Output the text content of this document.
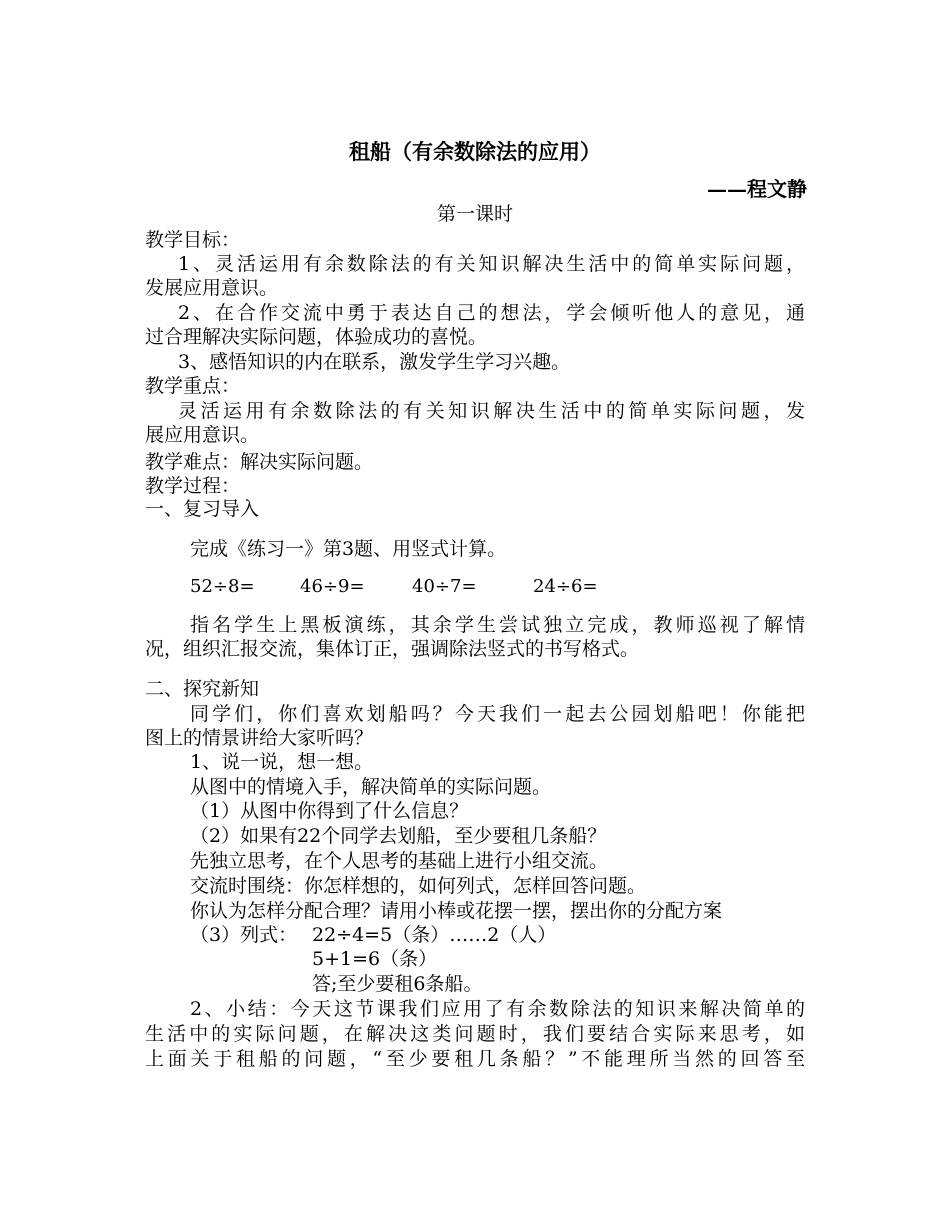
租船（有余数除法的应用）
——程文静
第一课时
教学目标：
1、灵活运用有余数除法的有关知识解决生活中的简单实际问题，
发展应用意识。
2、在合作交流中勇于表达自己的想法，学会倾听他人的意见，通
过合理解决实际问题，体验成功的喜悦。
3、感悟知识的内在联系，激发学生学习兴趣。
教学重点：
灵活运用有余数除法的有关知识解决生活中的简单实际问题，发
展应用意识。
教学难点：解决实际问题。
教学过程：
一、复习导入
完成《练习一》第3题、用竖式计算。
52÷8=	46÷9=	40÷7=	24÷6=
指名学生上黑板演练，其余学生尝试独立完成，教师巡视了解情
况，组织汇报交流，集体订正，强调除法竖式的书写格式。
二、探究新知
同学们，你们喜欢划船吗？今天我们一起去公园划船吧！你能把
图上的情景讲给大家听吗？
1、说一说，想一想。
从图中的情境入手，解决简单的实际问题。
（1）从图中你得到了什么信息？
（2）如果有22个同学去划船，至少要租几条船？
先独立思考，在个人思考的基础上进行小组交流。
交流时围绕：你怎样想的，如何列式，怎样回答问题。
你认为怎样分配合理？请用小棒或花摆一摆，摆出你的分配方案
（3）列式： 22÷4=5（条）……2（人）
5+1=6（条）
答;至少要租6条船。
2、小结：今天这节课我们应用了有余数除法的知识来解决简单的
生活中的实际问题，在解决这类问题时，我们要结合实际来思考，如
上面关于租船的问题，“至少要租几条船？”不能理所当然的回答至
